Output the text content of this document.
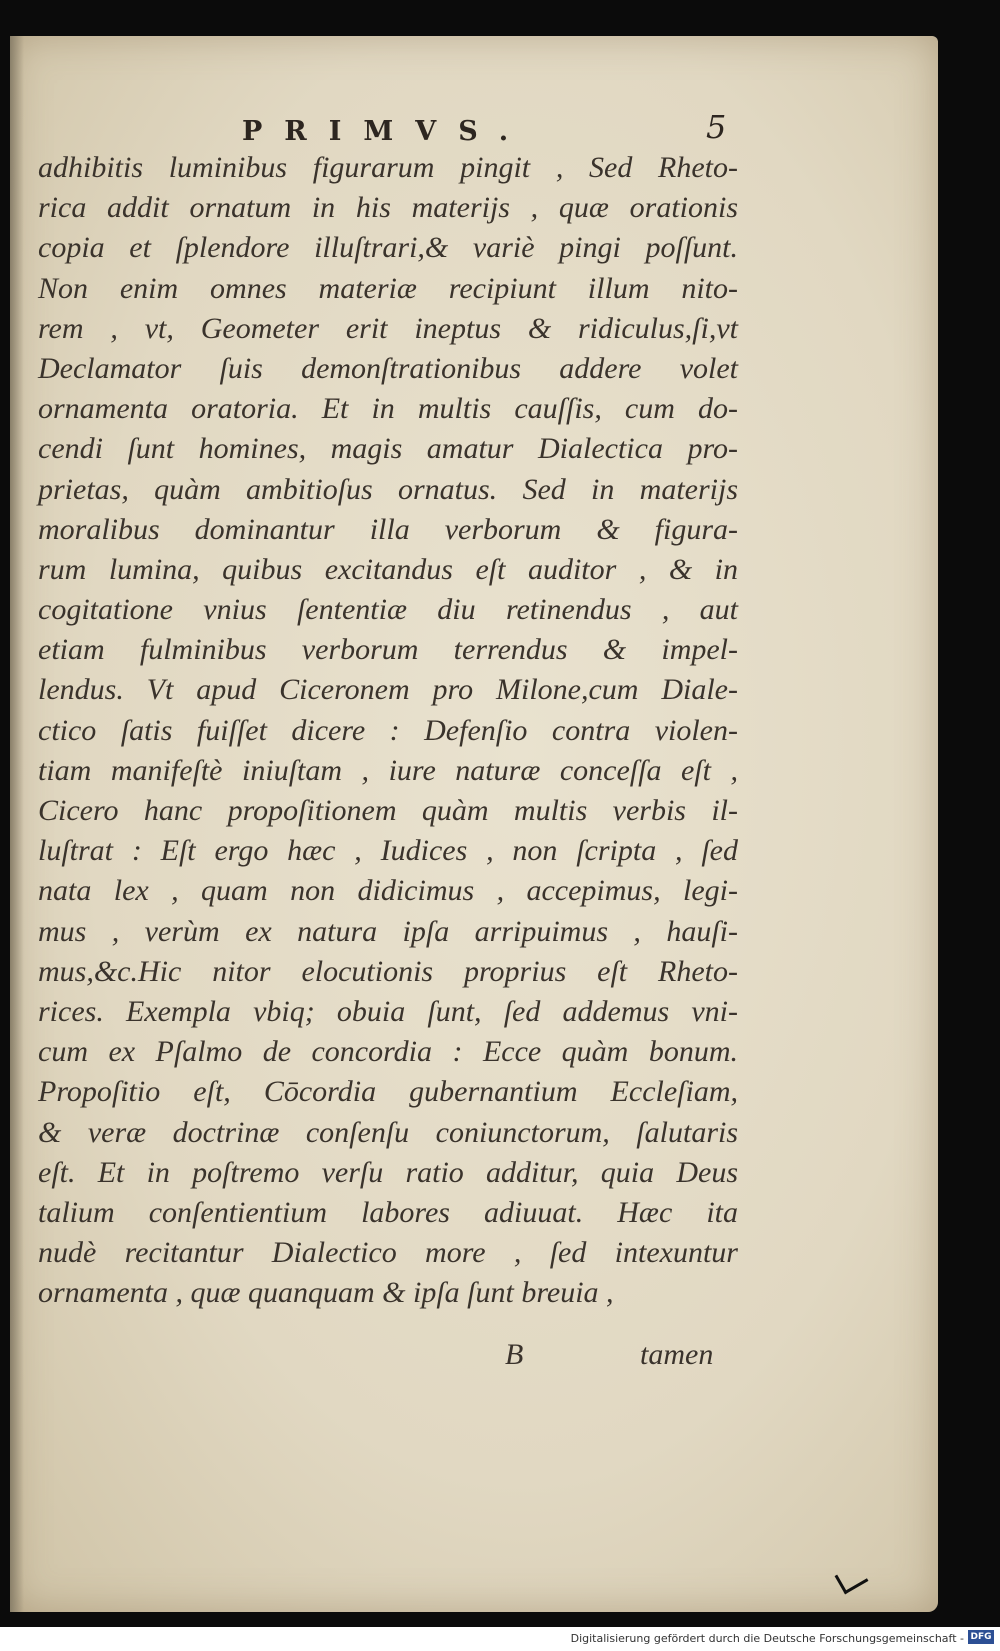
PRIMVS.	5
adhibitis luminibus figurarum pingit , Sed Rheto-
rica addit ornatum in his materijs , quæ orationis
copia et ſplendore illuſtrari,& variè pingi poſſunt.
Non enim omnes materiæ recipiunt illum nito-
rem , vt, Geometer erit ineptus & ridiculus,ſi,vt
Declamator ſuis demonſtrationibus addere volet
ornamenta oratoria. Et in multis cauſſis, cum do-
cendi ſunt homines, magis amatur Dialectica pro-
prietas, quàm ambitioſus ornatus. Sed in materijs
moralibus dominantur illa verborum & figura-
rum lumina, quibus excitandus eſt auditor , & in
cogitatione vnius ſententiæ diu retinendus , aut
etiam fulminibus verborum terrendus & impel-
lendus. Vt apud Ciceronem pro Milone,cum Diale-
ctico ſatis fuiſſet dicere : Defenſio contra violen-
tiam manifeſtè iniuſtam , iure naturæ conceſſa eſt ,
Cicero hanc propoſitionem quàm multis verbis il-
luſtrat : Eſt ergo hæc , Iudices , non ſcripta , ſed
nata lex , quam non didicimus , accepimus, legi-
mus , verùm ex natura ipſa arripuimus , hauſi-
mus,&c.Hic nitor elocutionis proprius eſt Rheto-
rices. Exempla vbiq; obuia ſunt, ſed addemus vni-
cum ex Pſalmo de concordia : Ecce quàm bonum.
Propoſitio eſt, Cōcordia gubernantium Eccleſiam,
& veræ doctrinæ conſenſu coniunctorum, ſalutaris
eſt. Et in poſtremo verſu ratio additur, quia Deus
talium conſentientium labores adiuuat. Hæc ita
nudè recitantur Dialectico more , ſed intexuntur
ornamenta , quæ quanquam & ipſa ſunt breuia ,
B	tamen
Digitalisierung gefördert durch die Deutsche Forschungsgemeinschaft - DFG
